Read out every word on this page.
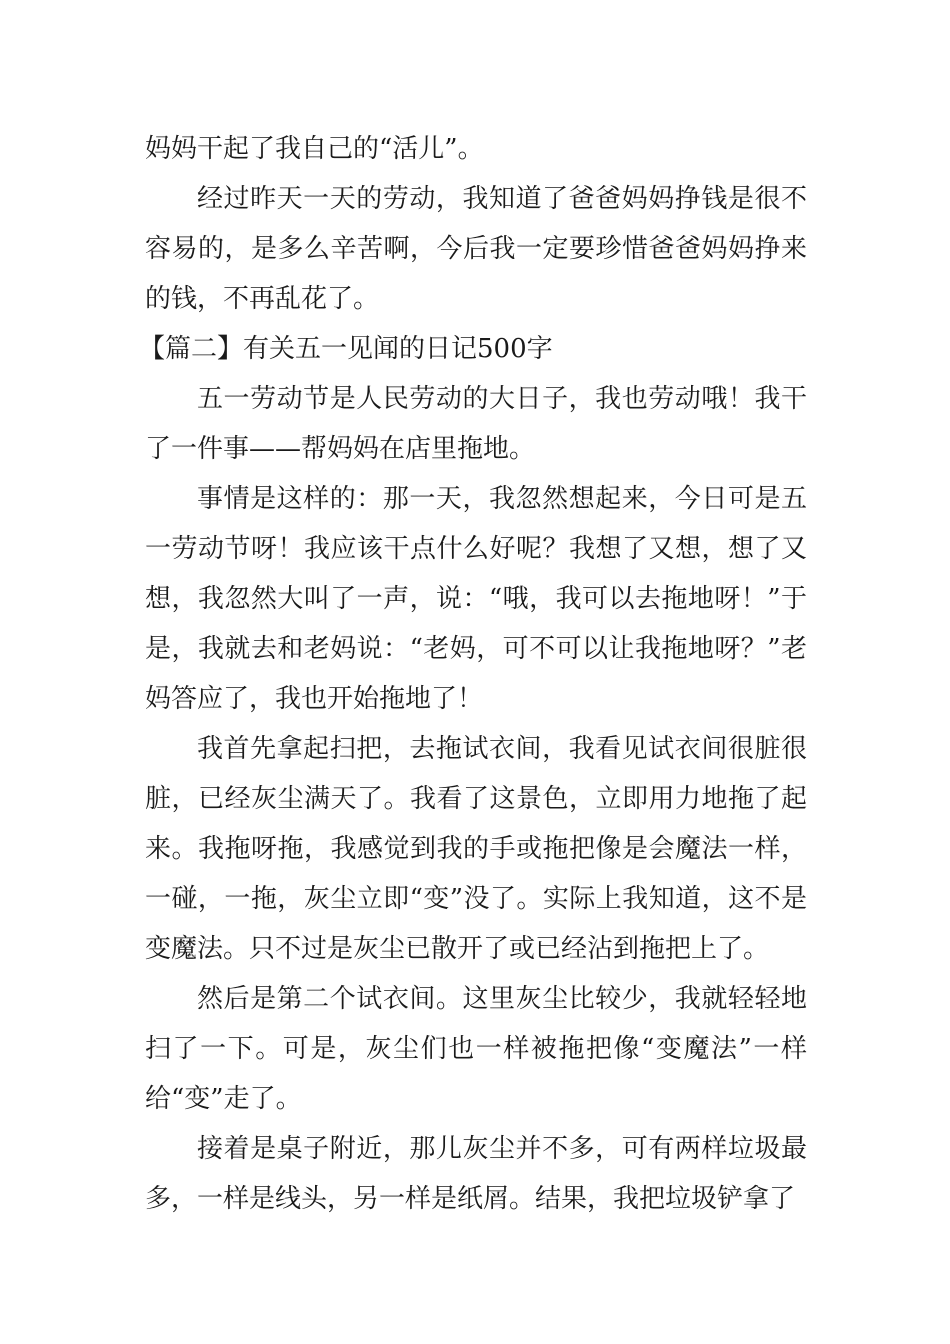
妈妈干起了我自己的“活儿”。

经过昨天一天的劳动，我知道了爸爸妈妈挣钱是很不容易的，是多么辛苦啊，今后我一定要珍惜爸爸妈妈挣来的钱，不再乱花了。

【篇二】有关五一见闻的日记500字

五一劳动节是人民劳动的大日子，我也劳动哦！我干了一件事——帮妈妈在店里拖地。

事情是这样的：那一天，我忽然想起来，今日可是五一劳动节呀！我应该干点什么好呢？我想了又想，想了又想，我忽然大叫了一声，说：“哦，我可以去拖地呀！”于是，我就去和老妈说：“老妈，可不可以让我拖地呀？”老妈答应了，我也开始拖地了！

我首先拿起扫把，去拖试衣间，我看见试衣间很脏很脏，已经灰尘满天了。我看了这景色，立即用力地拖了起来。我拖呀拖，我感觉到我的手或拖把像是会魔法一样，一碰，一拖，灰尘立即“变”没了。实际上我知道，这不是变魔法。只不过是灰尘已散开了或已经沾到拖把上了。

然后是第二个试衣间。这里灰尘比较少，我就轻轻地扫了一下。可是，灰尘们也一样被拖把像“变魔法”一样给“变”走了。

接着是桌子附近，那儿灰尘并不多，可有两样垃圾最多，一样是线头，另一样是纸屑。结果，我把垃圾铲拿了
